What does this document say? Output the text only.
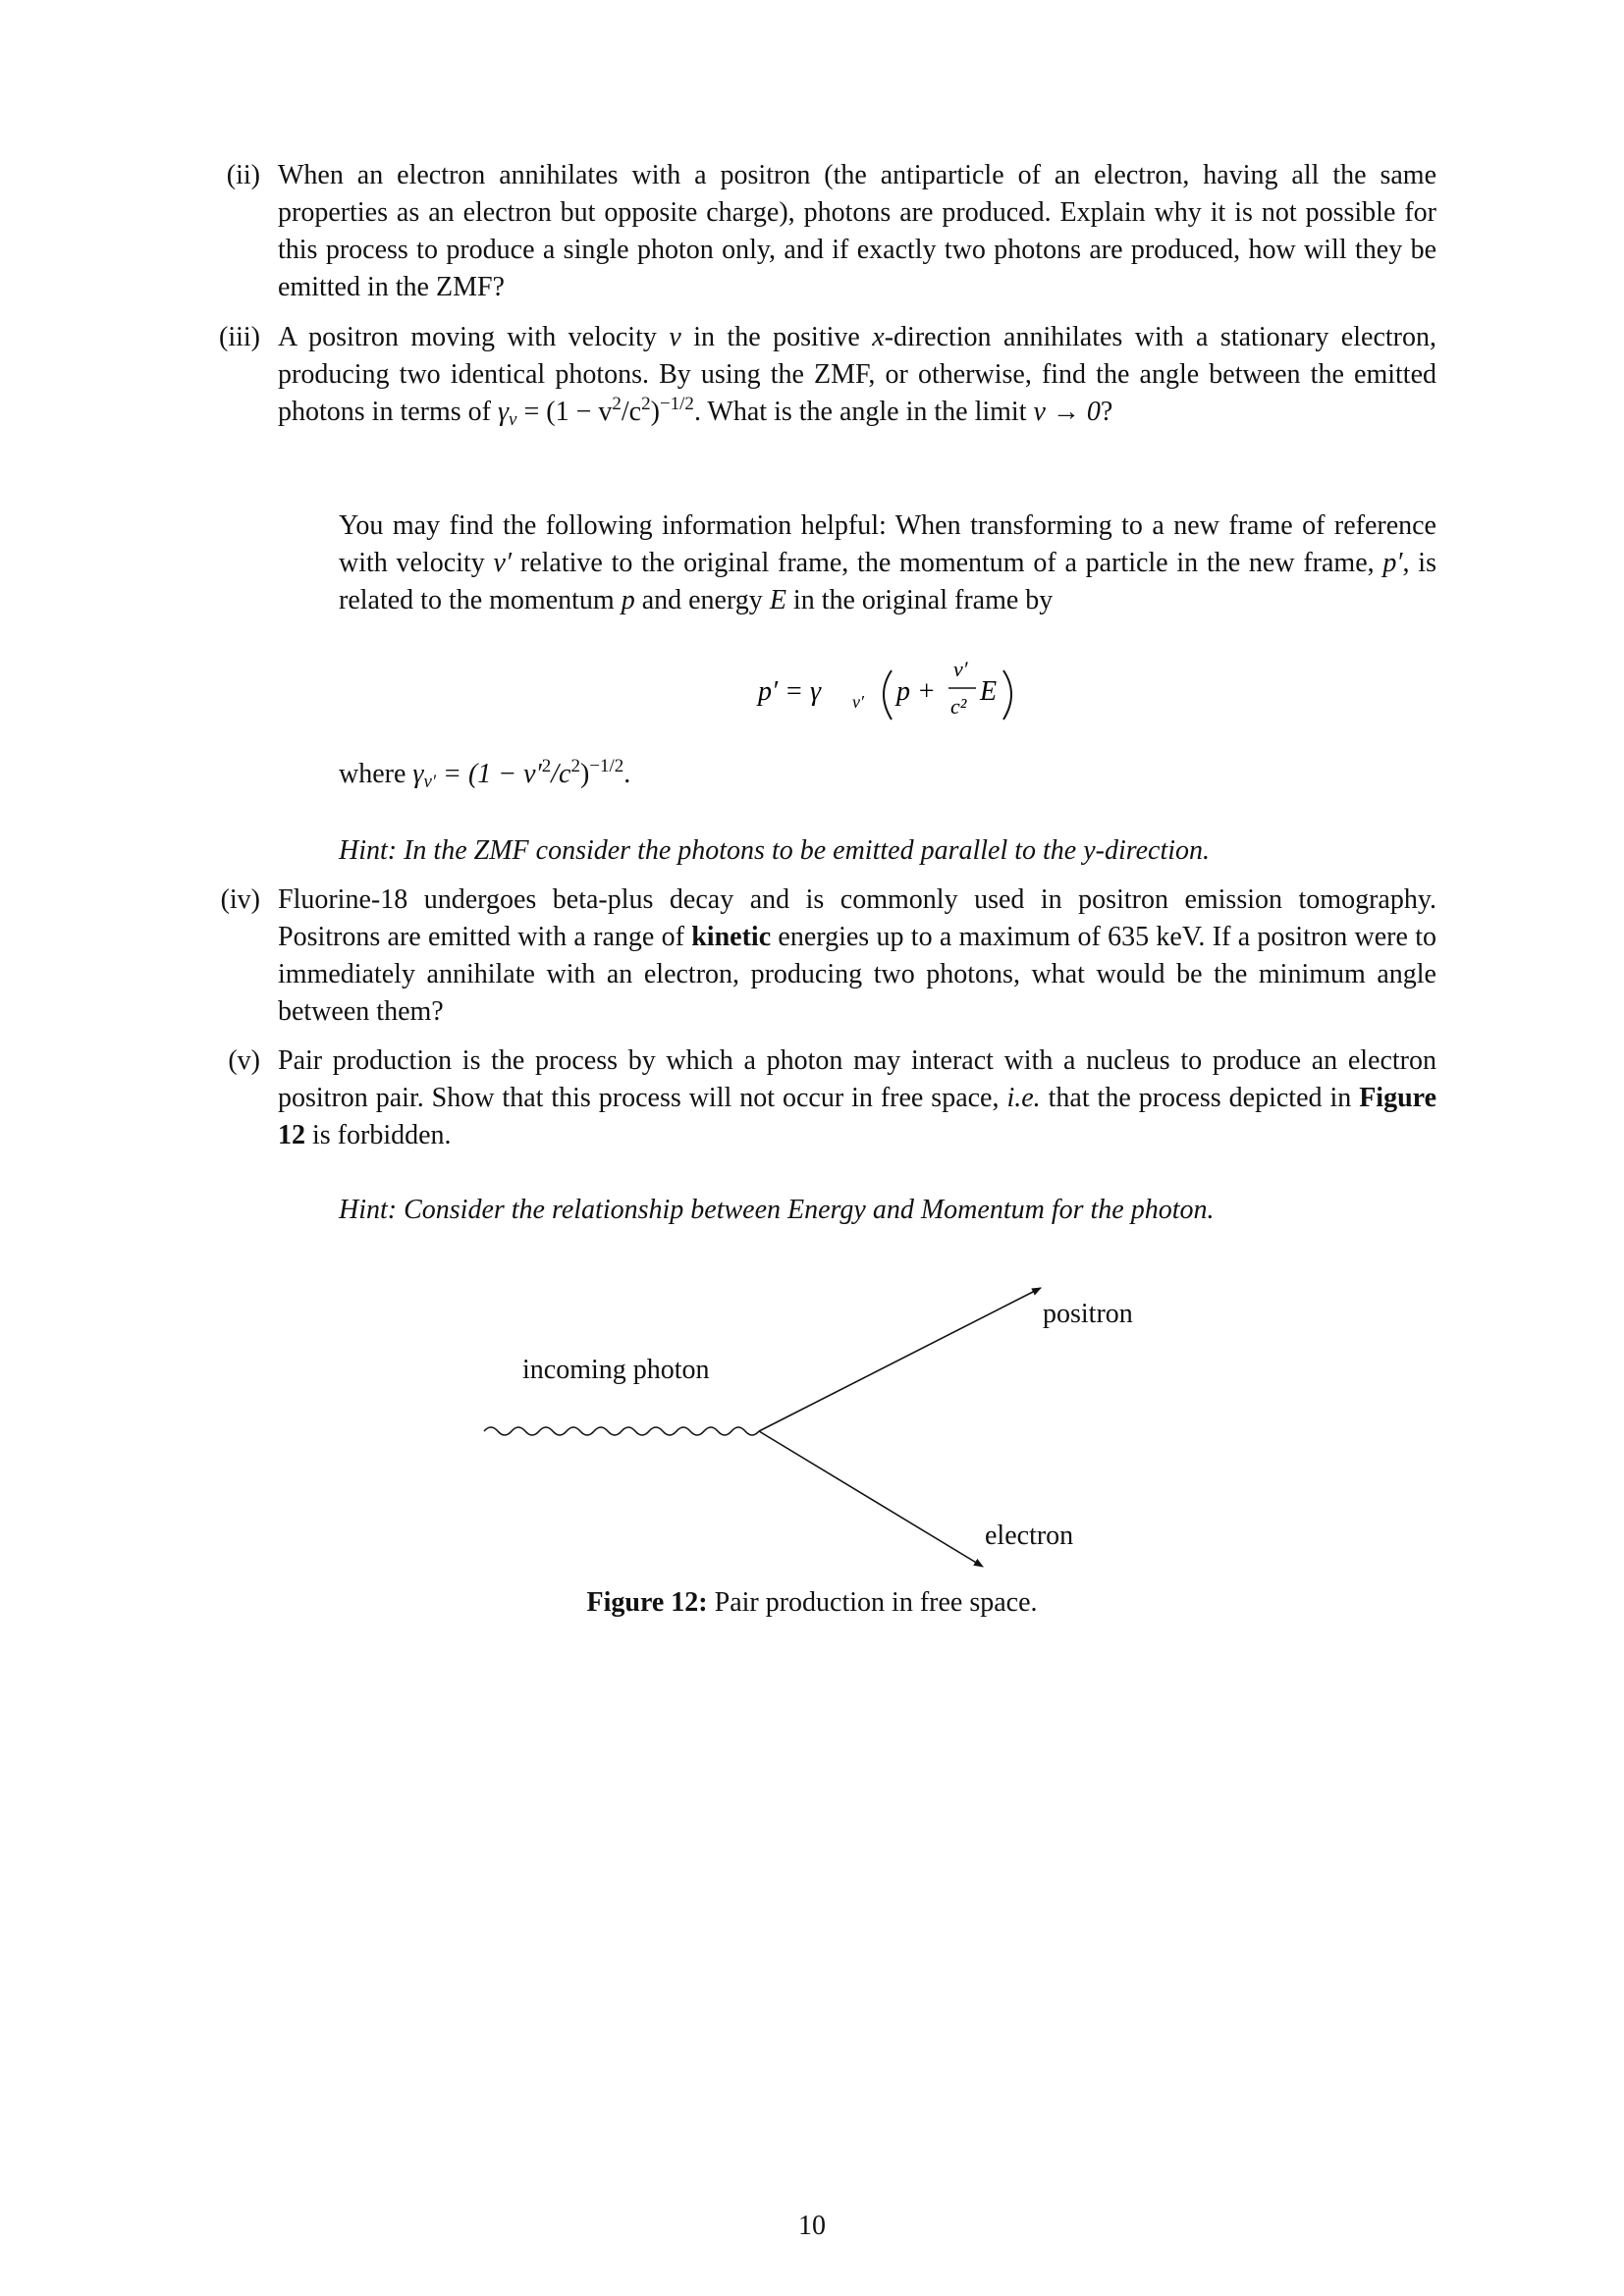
(ii) When an electron annihilates with a positron (the antiparticle of an electron, having all the same properties as an electron but opposite charge), photons are produced. Explain why it is not possible for this process to produce a single photon only, and if exactly two photons are produced, how will they be emitted in the ZMF?

(iii) A positron moving with velocity v in the positive x-direction annihilates with a stationary electron, producing two identical photons. By using the ZMF, or otherwise, find the angle between the emitted photons in terms of $\gamma v = (1 - v^2/c^2)^{-1/2}$. What is the angle in the limit v → 0?

You may find the following information helpful: When transforming to a new frame of reference with velocity v′ relative to the original frame, the momentum of a particle in the new frame, p′, is related to the momentum p and energy E in the original frame by
p′ = γ v′ p +
v′
c² E
where $\gamma v' = (1 - v'^2/c^2)^{-1/2}$.
Hint: In the ZMF consider the photons to be emitted parallel to the y-direction.
(iv) Fluorine-18 undergoes beta-plus decay and is commonly used in positron emission tomography. Positrons are emitted with a range of kinetic energies up to a maximum of 635 keV. If a positron were to immediately annihilate with an electron, producing two photons, what would be the minimum angle between them?

(v) Pair production is the process by which a photon may interact with a nucleus to produce an electron positron pair. Show that this process will not occur in free space, i.e. that the process depicted in Figure 12 is forbidden.

Hint: Consider the relationship between Energy and Momentum for the photon.
incoming photon
positron
electron
Figure 12: Pair production in free space.
10
